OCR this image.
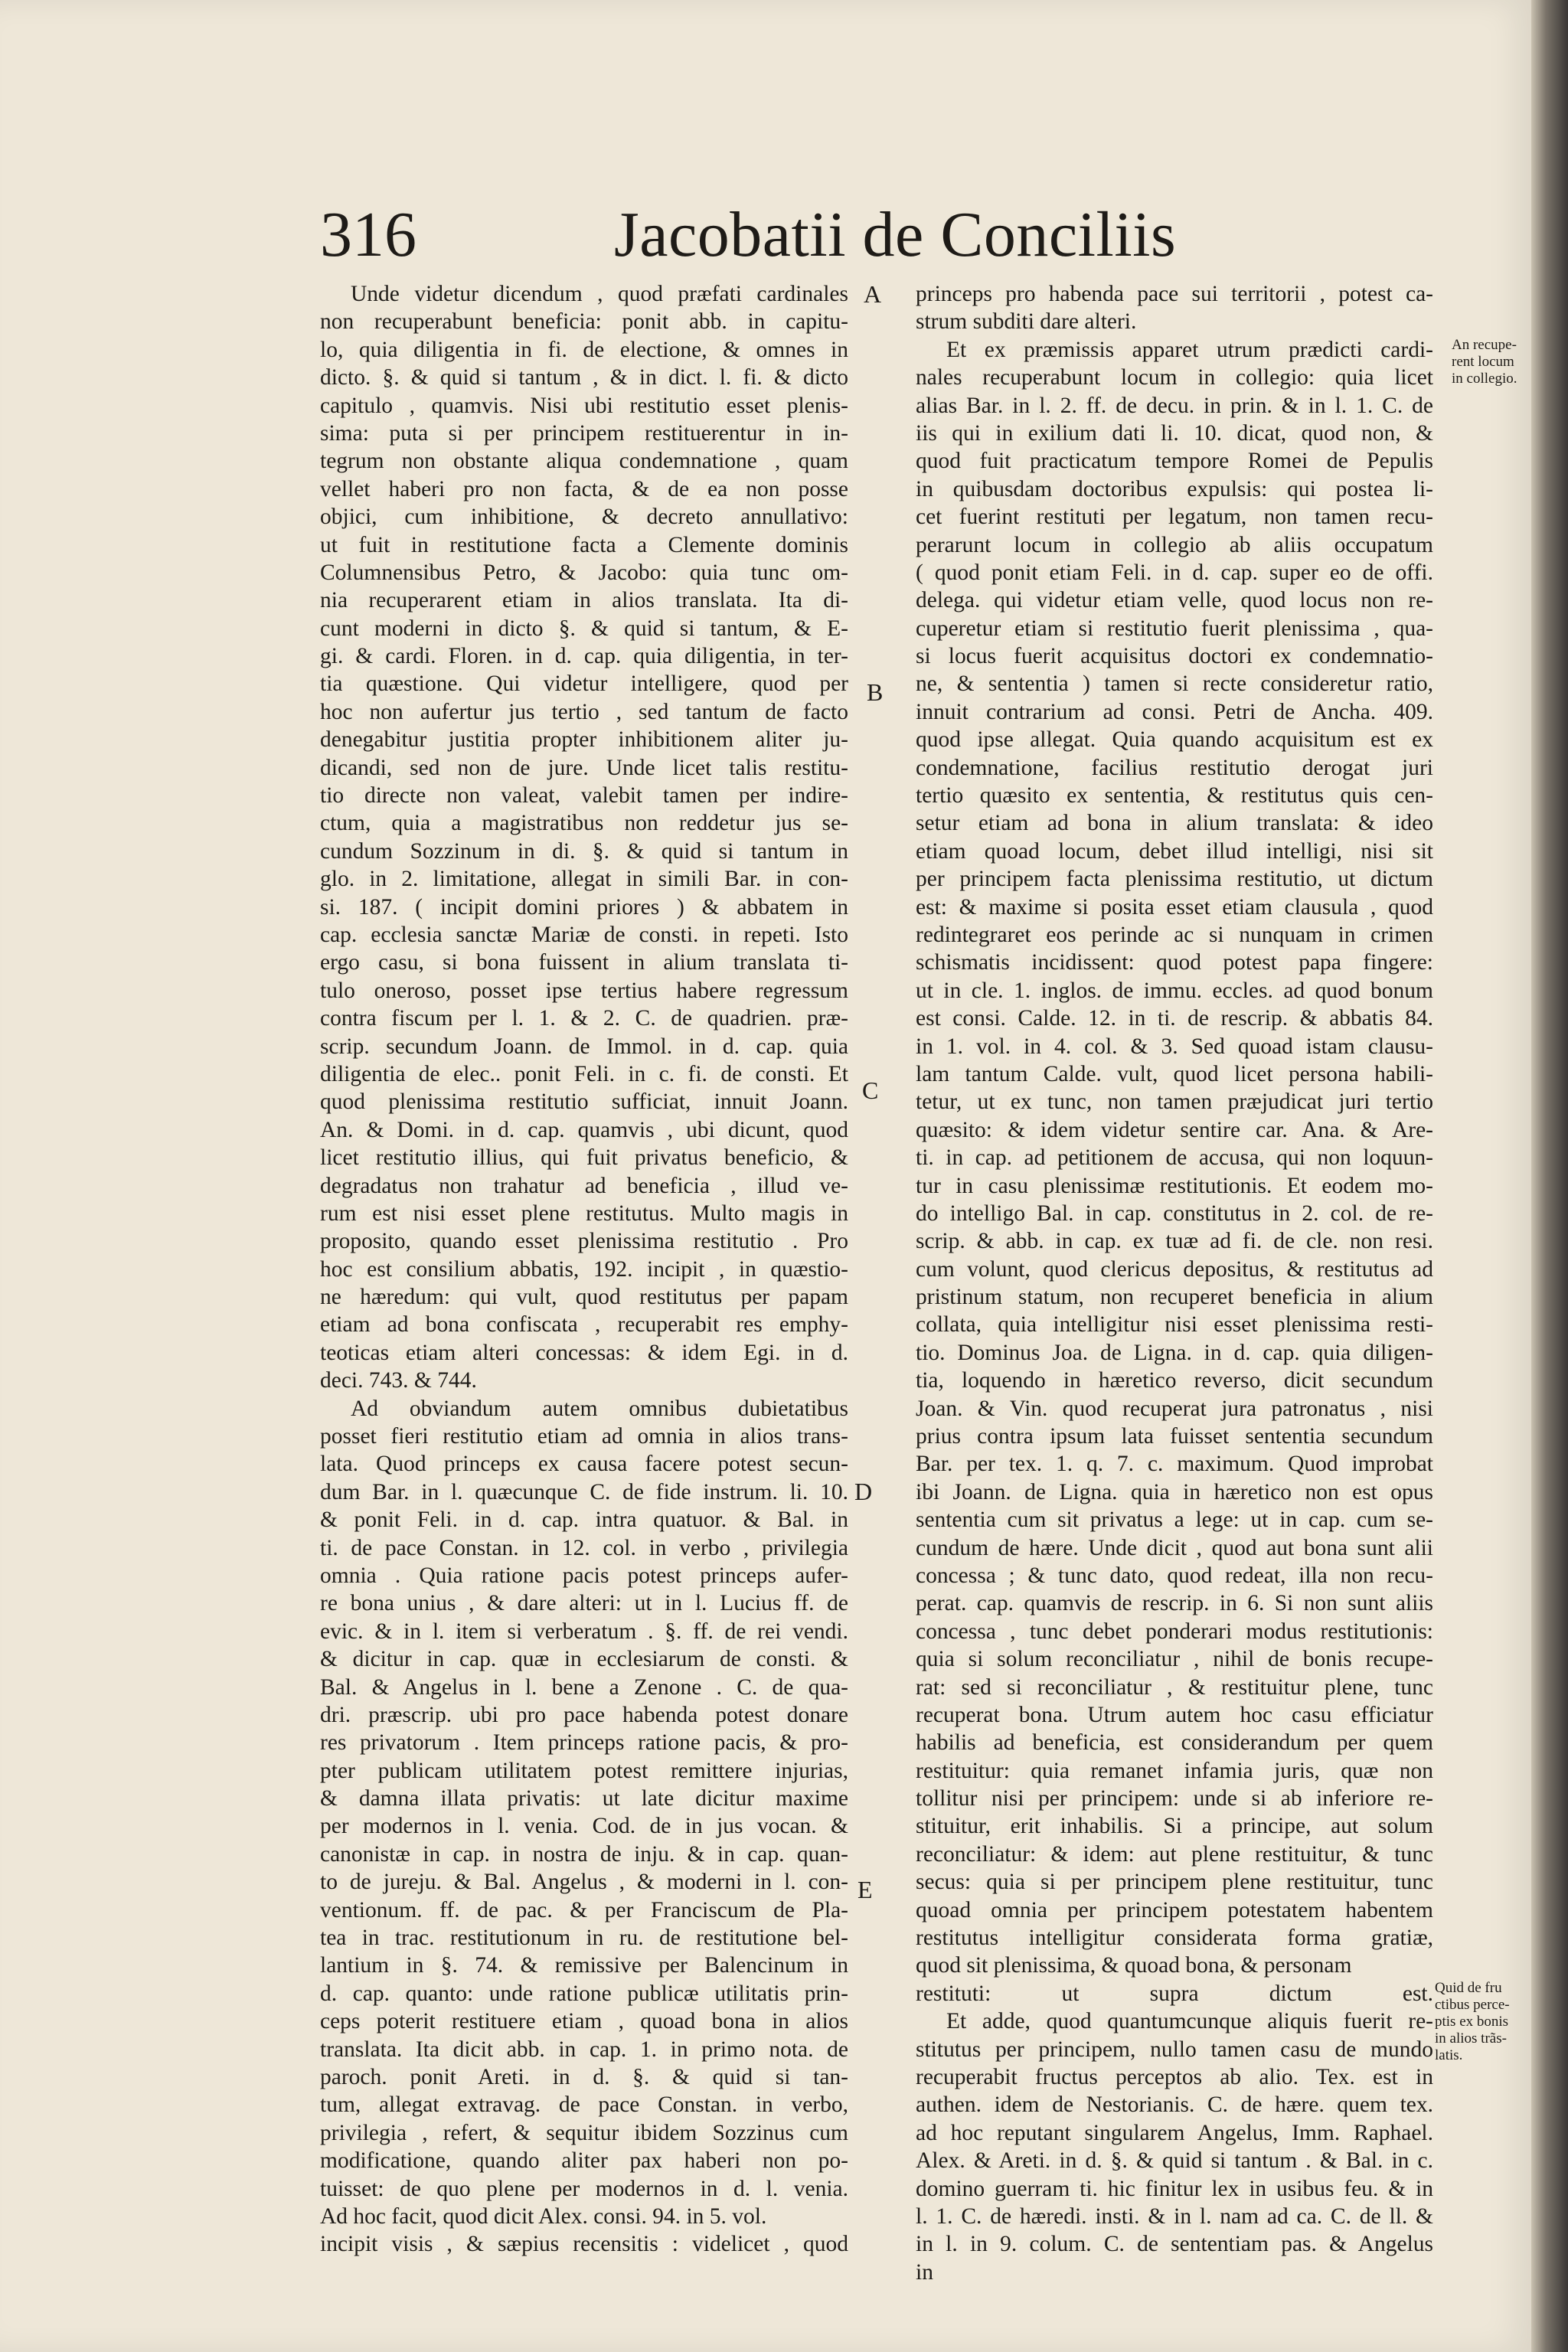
316	Jacobatii de Conciliis
Unde videtur dicendum , quod præfati cardinales
non recuperabunt beneficia: ponit abb. in capitu-
lo, quia diligentia in fi. de electione, & omnes in
dicto. §. & quid si tantum , & in dict. l. fi. & dicto
capitulo , quamvis. Nisi ubi restitutio esset plenis-
sima: puta si per principem restituerentur in in-
tegrum non obstante aliqua condemnatione , quam
vellet haberi pro non facta, & de ea non posse
objici, cum inhibitione, & decreto annullativo:
ut fuit in restitutione facta a Clemente dominis
Columnensibus Petro, & Jacobo: quia tunc om-
nia recuperarent etiam in alios translata. Ita di-
cunt moderni in dicto §. & quid si tantum, & E-
gi. & cardi. Floren. in d. cap. quia diligentia, in ter-
tia quæstione. Qui videtur intelligere, quod per
hoc non aufertur jus tertio , sed tantum de facto
denegabitur justitia propter inhibitionem aliter ju-
dicandi, sed non de jure. Unde licet talis restitu-
tio directe non valeat, valebit tamen per indire-
ctum, quia a magistratibus non reddetur jus se-
cundum Sozzinum in di. §. & quid si tantum in
glo. in 2. limitatione, allegat in simili Bar. in con-
si. 187. ( incipit domini priores ) & abbatem in
cap. ecclesia sanctæ Mariæ de consti. in repeti. Isto
ergo casu, si bona fuissent in alium translata ti-
tulo oneroso, posset ipse tertius habere regressum
contra fiscum per l. 1. & 2. C. de quadrien. præ-
scrip. secundum Joann. de Immol. in d. cap. quia
diligentia de elec.. ponit Feli. in c. fi. de consti. Et
quod plenissima restitutio sufficiat, innuit Joann.
An. & Domi. in d. cap. quamvis , ubi dicunt, quod
licet restitutio illius, qui fuit privatus beneficio, &
degradatus non trahatur ad beneficia , illud ve-
rum est nisi esset plene restitutus. Multo magis in
proposito, quando esset plenissima restitutio . Pro
hoc est consilium abbatis, 192. incipit , in quæstio-
ne hæredum: qui vult, quod restitutus per papam
etiam ad bona confiscata , recuperabit res emphy-
teoticas etiam alteri concessas: & idem Egi. in d.
deci. 743. & 744.
Ad obviandum autem omnibus dubietatibus
posset fieri restitutio etiam ad omnia in alios trans-
lata. Quod princeps ex causa facere potest secun-
dum Bar. in l. quæcunque C. de fide instrum. li. 10.
& ponit Feli. in d. cap. intra quatuor. & Bal. in
ti. de pace Constan. in 12. col. in verbo , privilegia
omnia . Quia ratione pacis potest princeps aufer-
re bona unius , & dare alteri: ut in l. Lucius ff. de
evic. & in l. item si verberatum . §. ff. de rei vendi.
& dicitur in cap. quæ in ecclesiarum de consti. &
Bal. & Angelus in l. bene a Zenone . C. de qua-
dri. præscrip. ubi pro pace habenda potest donare
res privatorum . Item princeps ratione pacis, & pro-
pter publicam utilitatem potest remittere injurias,
& damna illata privatis: ut late dicitur maxime
per modernos in l. venia. Cod. de in jus vocan. &
canonistæ in cap. in nostra de inju. & in cap. quan-
to de jureju. & Bal. Angelus , & moderni in l. con-
ventionum. ff. de pac. & per Franciscum de Pla-
tea in trac. restitutionum in ru. de restitutione bel-
lantium in §. 74. & remissive per Balencinum in
d. cap. quanto: unde ratione publicæ utilitatis prin-
ceps poterit restituere etiam , quoad bona in alios
translata. Ita dicit abb. in cap. 1. in primo nota. de
paroch. ponit Areti. in d. §. & quid si tan-
tum, allegat extravag. de pace Constan. in verbo,
privilegia , refert, & sequitur ibidem Sozzinus cum
modificatione, quando aliter pax haberi non po-
tuisset: de quo plene per modernos in d. l. venia.
Ad hoc facit, quod dicit Alex. consi. 94. in 5. vol.
incipit visis , & sæpius recensitis : videlicet , quod
princeps pro habenda pace sui territorii , potest ca-
strum subditi dare alteri.
Et ex præmissis apparet utrum prædicti cardi-
nales recuperabunt locum in collegio: quia licet
alias Bar. in l. 2. ff. de decu. in prin. & in l. 1. C. de
iis qui in exilium dati li. 10. dicat, quod non, &
quod fuit practicatum tempore Romei de Pepulis
in quibusdam doctoribus expulsis: qui postea li-
cet fuerint restituti per legatum, non tamen recu-
perarunt locum in collegio ab aliis occupatum
( quod ponit etiam Feli. in d. cap. super eo de offi.
delega. qui videtur etiam velle, quod locus non re-
cuperetur etiam si restitutio fuerit plenissima , qua-
si locus fuerit acquisitus doctori ex condemnatio-
ne, & sententia ) tamen si recte consideretur ratio,
innuit contrarium ad consi. Petri de Ancha. 409.
quod ipse allegat. Quia quando acquisitum est ex
condemnatione, facilius restitutio derogat juri
tertio quæsito ex sententia, & restitutus quis cen-
setur etiam ad bona in alium translata: & ideo
etiam quoad locum, debet illud intelligi, nisi sit
per principem facta plenissima restitutio, ut dictum
est: & maxime si posita esset etiam clausula , quod
redintegraret eos perinde ac si nunquam in crimen
schismatis incidissent: quod potest papa fingere:
ut in cle. 1. inglos. de immu. eccles. ad quod bonum
est consi. Calde. 12. in ti. de rescrip. & abbatis 84.
in 1. vol. in 4. col. & 3. Sed quoad istam clausu-
lam tantum Calde. vult, quod licet persona habili-
tetur, ut ex tunc, non tamen præjudicat juri tertio
quæsito: & idem videtur sentire car. Ana. & Are-
ti. in cap. ad petitionem de accusa, qui non loquun-
tur in casu plenissimæ restitutionis. Et eodem mo-
do intelligo Bal. in cap. constitutus in 2. col. de re-
scrip. & abb. in cap. ex tuæ ad fi. de cle. non resi.
cum volunt, quod clericus depositus, & restitutus ad
pristinum statum, non recuperet beneficia in alium
collata, quia intelligitur nisi esset plenissima resti-
tio. Dominus Joa. de Ligna. in d. cap. quia diligen-
tia, loquendo in hæretico reverso, dicit secundum
Joan. & Vin. quod recuperat jura patronatus , nisi
prius contra ipsum lata fuisset sententia secundum
Bar. per tex. 1. q. 7. c. maximum. Quod improbat
ibi Joann. de Ligna. quia in hæretico non est opus
sententia cum sit privatus a lege: ut in cap. cum se-
cundum de hære. Unde dicit , quod aut bona sunt alii
concessa ; & tunc dato, quod redeat, illa non recu-
perat. cap. quamvis de rescrip. in 6. Si non sunt aliis
concessa , tunc debet ponderari modus restitutionis:
quia si solum reconciliatur , nihil de bonis recupe-
rat: sed si reconciliatur , & restituitur plene, tunc
recuperat bona. Utrum autem hoc casu efficiatur
habilis ad beneficia, est considerandum per quem
restituitur: quia remanet infamia juris, quæ non
tollitur nisi per principem: unde si ab inferiore re-
stituitur, erit inhabilis. Si a principe, aut solum
reconciliatur: & idem: aut plene restituitur, & tunc
secus: quia si per principem plene restituitur, tunc
quoad omnia per principem potestatem habentem
restitutus intelligitur considerata forma gratiæ,
quod sit plenissima, & quoad bona, & personam
restituti: ut supra dictum est.
Et adde, quod quantumcunque aliquis fuerit re-
stitutus per principem, nullo tamen casu de mundo
recuperabit fructus perceptos ab alio. Tex. est in
authen. idem de Nestorianis. C. de hære. quem tex.
ad hoc reputant singularem Angelus, Imm. Raphael.
Alex. & Areti. in d. §. & quid si tantum . & Bal. in c.
domino guerram ti. hic finitur lex in usibus feu. & in
l. 1. C. de hæredi. insti. & in l. nam ad ca. C. de ll. &
in l. in 9. colum. C. de sententiam pas. & Angelus
in
A
B
C
D
E
An recupe-
rent locum
in collegio.
Quid de fru
ctibus perce-
ptis ex bonis
in alios trãs-
latis.
